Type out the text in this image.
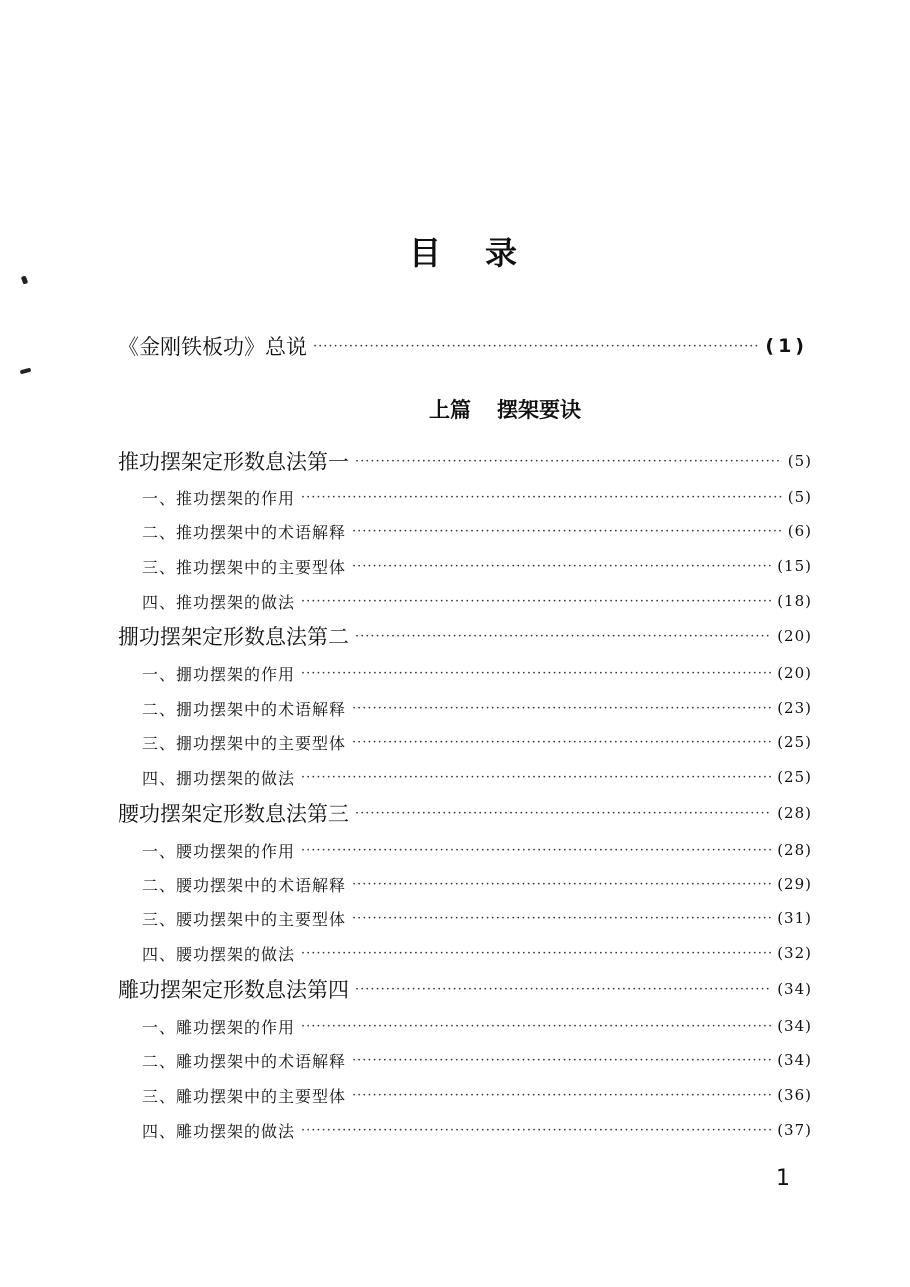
目录
《金刚铁板功》总说 ·····	(1)
上篇 摆架要诀
推功摆架定形数息法第一 ·····	(5)
一、推功摆架的作用 ·····	(5)
二、推功摆架中的术语解释 ·····	(6)
三、推功摆架中的主要型体 ·····	(15)
四、推功摆架的做法 ·····	(18)
掤功摆架定形数息法第二 ·····	(20)
一、掤功摆架的作用 ·····	(20)
二、掤功摆架中的术语解释 ·····	(23)
三、掤功摆架中的主要型体 ·····	(25)
四、掤功摆架的做法 ·····	(25)
腰功摆架定形数息法第三 ·····	(28)
一、腰功摆架的作用 ·····	(28)
二、腰功摆架中的术语解释 ·····	(29)
三、腰功摆架中的主要型体 ·····	(31)
四、腰功摆架的做法 ·····	(32)
雕功摆架定形数息法第四 ·····	(34)
一、雕功摆架的作用 ·····	(34)
二、雕功摆架中的术语解释 ·····	(34)
三、雕功摆架中的主要型体 ·····	(36)
四、雕功摆架的做法 ·····	(37)
1
